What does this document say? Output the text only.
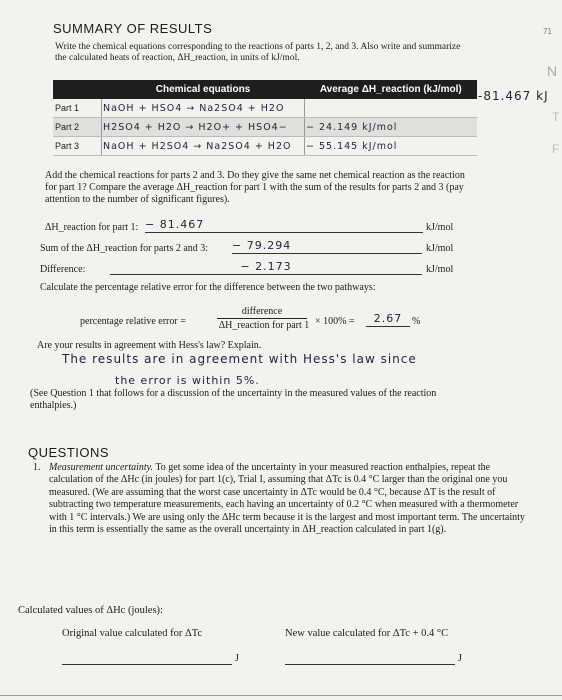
71
SUMMARY OF RESULTS
Write the chemical equations corresponding to the reactions of parts 1, 2, and 3. Also write and summarize the calculated heats of reaction, ΔH_reaction, in units of kJ/mol.
	Chemical equations	Average ΔH_reaction (kJ/mol)
Part 1	NaOH + HSO4 → Na2SO4 + H2O	
Part 2	H2SO4 + H2O → H2O+ + HSO4−	− 24.149 kJ/mol
Part 3	NaOH + H2SO4 → Na2SO4 + H2O	− 55.145 kJ/mol
-81.467 kJ
N
T
F
Add the chemical reactions for parts 2 and 3. Do they give the same net chemical reaction as the reaction for part 1? Compare the average ΔH_reaction for part 1 with the sum of the results for parts 2 and 3 (pay attention to the number of significant figures).
ΔH_reaction for part 1: − 81.467	kJ/mol
Sum of the ΔH_reaction for parts 2 and 3: − 79.294	kJ/mol
Difference:	− 2.173	kJ/mol
Calculate the percentage relative error for the difference between the two pathways:
percentage relative error =
difference
ΔH_reaction for part 1 × 100% =	2.67 %
Are your results in agreement with Hess's law? Explain.
The results are in agreement with Hess's law since
the error is within 5%.
(See Question 1 that follows for a discussion of the uncertainty in the measured values of the reaction enthalpies.)
QUESTIONS
1. Measurement uncertainty. To get some idea of the uncertainty in your measured reaction enthalpies, repeat the calculation of the ΔHc (in joules) for part 1(c), Trial I, assuming that ΔTc is 0.4 °C larger than the original one you measured. (We are assuming that the worst case uncertainty in ΔTc would be 0.4 °C, because ΔT is the result of subtracting two temperature measurements, each having an uncertainty of 0.2 °C when measured with a thermometer with 1 °C intervals.) We are using only the ΔHc term because it is the largest and most important term. The uncertainty in this term is essentially the same as the overall uncertainty in ΔH_reaction calculated in part 1(g).
Calculated values of ΔHc (joules):
Original value calculated for ΔTc	New value calculated for ΔTc + 0.4 °C
J	J
